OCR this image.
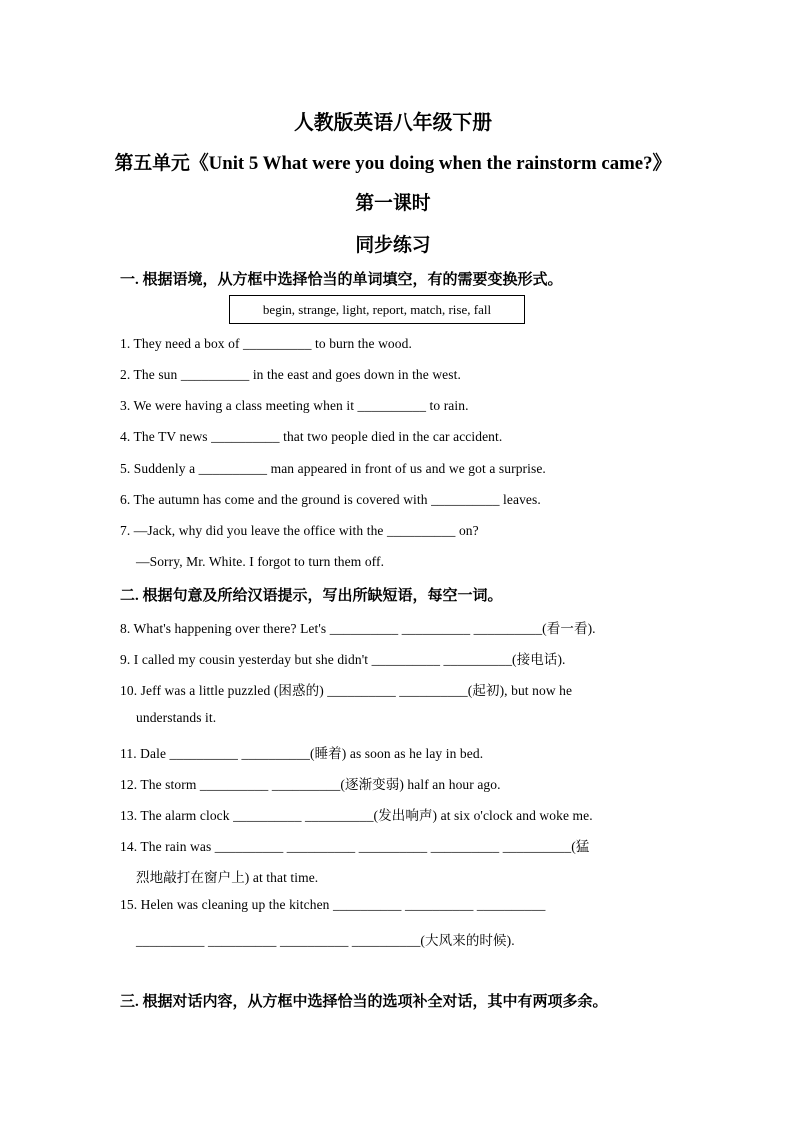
人教版英语八年级下册
第五单元《Unit 5 What were you doing when the rainstorm came?》
第一课时
同步练习
一. 根据语境，从方框中选择恰当的单词填空，有的需要变换形式。
begin, strange, light, report, match, rise, fall
1. They need a box of __________ to burn the wood.
2. The sun __________ in the east and goes down in the west.
3. We were having a class meeting when it __________ to rain.
4. The TV news __________ that two people died in the car accident.
5. Suddenly a __________ man appeared in front of us and we got a surprise.
6. The autumn has come and the ground is covered with __________ leaves.
7. —Jack, why did you leave the office with the __________ on?
—Sorry, Mr. White. I forgot to turn them off.
二. 根据句意及所给汉语提示，写出所缺短语，每空一词。
8. What's happening over there? Let's __________ __________ __________(看一看).
9. I called my cousin yesterday but she didn't __________ __________(接电话).
10. Jeff was a little puzzled (困惑的) __________ __________(起初), but now he
understands it.
11. Dale __________ __________(睡着) as soon as he lay in bed.
12. The storm __________ __________(逐渐变弱) half an hour ago.
13. The alarm clock __________ __________(发出响声) at six o'clock and woke me.
14. The rain was __________ __________ __________ __________ __________(猛
烈地敲打在窗户上) at that time.
15. Helen was cleaning up the kitchen __________ __________ __________
__________ __________ __________ __________(大风来的时候).
三. 根据对话内容，从方框中选择恰当的选项补全对话，其中有两项多余。
